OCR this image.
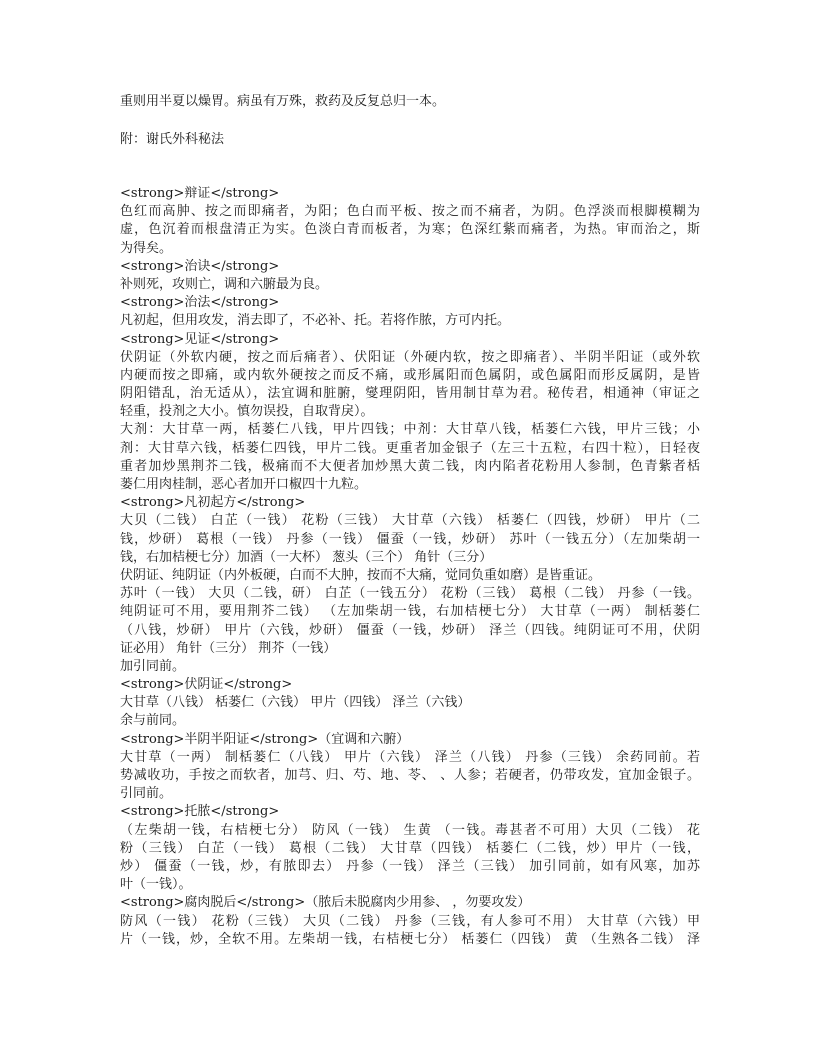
重则用半夏以燥胃。病虽有万殊，救药及反复总归一本。
附：谢氏外科秘法
<strong>辩证</strong>
色红而高肿、按之而即痛者，为阳；色白而平板、按之而不痛者，为阴。色浮淡而根脚模糊为
虚，色沉着而根盘清正为实。色淡白青而板者，为寒；色深红紫而痛者，为热。审而治之，斯
为得矣。
<strong>治诀</strong>
补则死，攻则亡，调和六腑最为良。
<strong>治法</strong>
凡初起，但用攻发，消去即了，不必补、托。若将作脓，方可内托。
<strong>见证</strong>
伏阴证（外软内硬，按之而后痛者）、伏阳证（外硬内软，按之即痛者）、半阴半阳证（或外软
内硬而按之即痛，或内软外硬按之而反不痛，或形属阳而色属阴，或色属阳而形反属阴，是皆
阴阳错乱，治无适从），法宜调和脏腑，燮理阴阳，皆用制甘草为君。秘传君，相通神（审证之
轻重，投剂之大小。慎勿误投，自取背戾）。
大剂：大甘草一两，栝蒌仁八钱，甲片四钱；中剂：大甘草八钱，栝蒌仁六钱，甲片三钱；小
剂：大甘草六钱，栝蒌仁四钱，甲片二钱。更重者加金银子（左三十五粒，右四十粒），日轻夜
重者加炒黑荆芥二钱，极痛而不大便者加炒黑大黄二钱，肉内陷者花粉用人参制，色青紫者栝
蒌仁用肉桂制，恶心者加开口椒四十九粒。
<strong>凡初起方</strong>
大贝（二钱） 白芷（一钱） 花粉（三钱） 大甘草（六钱） 栝蒌仁（四钱，炒研） 甲片（二
钱，炒研） 葛根（一钱） 丹参（一钱） 僵蚕（一钱，炒研） 苏叶（一钱五分）（左加柴胡一
钱，右加桔梗七分）加酒（一大杯） 葱头（三个） 角针（三分）
伏阴证、纯阴证（内外板硬，白而不大肿，按而不大痛，觉同负重如磨）是皆重证。
苏叶（一钱） 大贝（二钱，研） 白芷（一钱五分） 花粉（三钱） 葛根（二钱） 丹参（一钱。
纯阴证可不用，要用荆芥二钱） （左加柴胡一钱，右加桔梗七分） 大甘草（一两） 制栝蒌仁
（八钱，炒研） 甲片（六钱，炒研） 僵蚕（一钱，炒研） 泽兰（四钱。纯阴证可不用，伏阴
证必用） 角针（三分） 荆芥（一钱）
加引同前。
<strong>伏阴证</strong>
大甘草（八钱） 栝蒌仁（六钱） 甲片（四钱） 泽兰（六钱）
余与前同。
<strong>半阴半阳证</strong>（宜调和六腑）
大甘草（一两） 制栝蒌仁（八钱） 甲片（六钱） 泽兰（八钱） 丹参（三钱） 余药同前。若
势减收功，手按之而软者，加芎、归、芍、地、苓、 、人参；若硬者，仍带攻发，宜加金银子。
引同前。
<strong>托脓</strong>
（左柴胡一钱，右桔梗七分） 防风（一钱） 生黄 （一钱。毒甚者不可用）大贝（二钱） 花
粉（三钱） 白芷（一钱） 葛根（二钱） 大甘草（四钱） 栝蒌仁（二钱，炒）甲片（一钱，
炒） 僵蚕（一钱，炒，有脓即去） 丹参（一钱） 泽兰（三钱） 加引同前，如有风寒，加苏
叶（一钱）。
<strong>腐肉脱后</strong>（脓后未脱腐肉少用参、 ，勿要攻发）
防风（一钱） 花粉（三钱） 大贝（二钱） 丹参（三钱，有人参可不用） 大甘草（六钱）甲
片（一钱，炒，全软不用。左柴胡一钱，右桔梗七分） 栝蒌仁（四钱） 黄 （生熟各二钱） 泽
